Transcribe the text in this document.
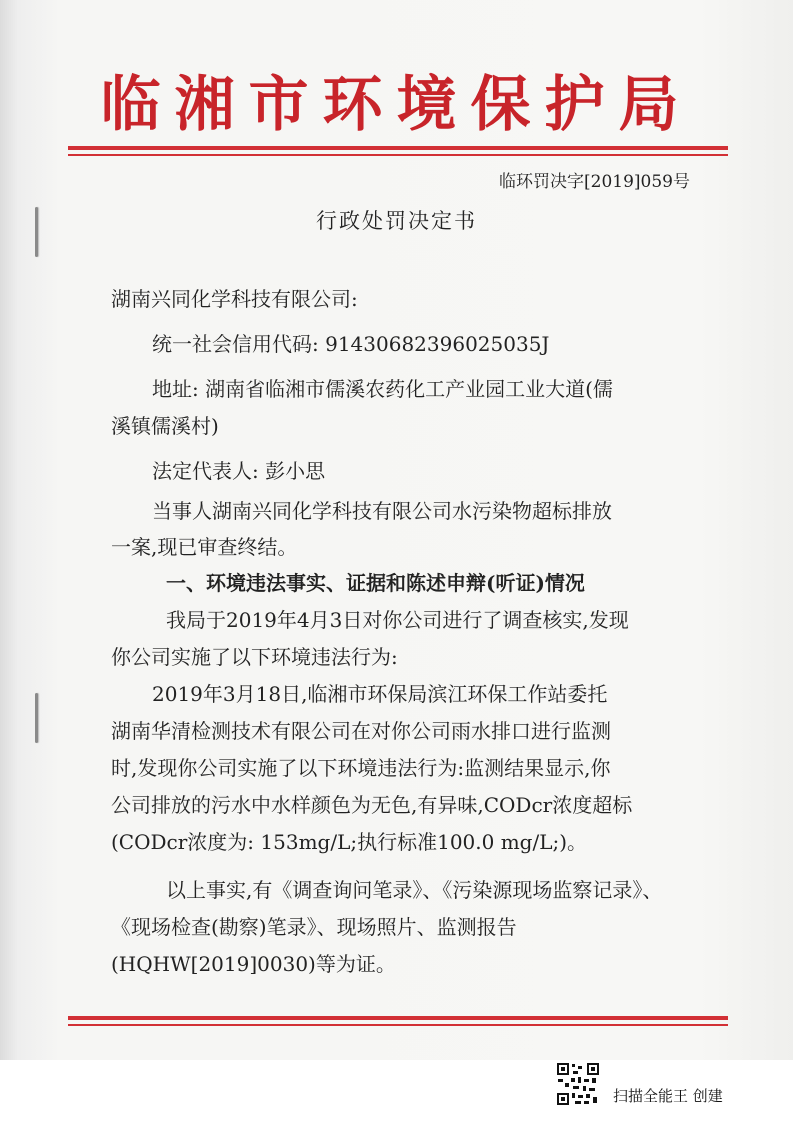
临湘市环境保护局
临环罚决字[2019]059号
行政处罚决定书
湖南兴同化学科技有限公司:
统一社会信用代码: 91430682396025035J
地址: 湖南省临湘市儒溪农药化工产业园工业大道(儒
溪镇儒溪村)
法定代表人: 彭小思
当事人湖南兴同化学科技有限公司水污染物超标排放
一案,现已审查终结。
一、环境违法事实、证据和陈述申辩(听证)情况
我局于2019年4月3日对你公司进行了调查核实,发现
你公司实施了以下环境违法行为:
2019年3月18日,临湘市环保局滨江环保工作站委托
湖南华清检测技术有限公司在对你公司雨水排口进行监测
时,发现你公司实施了以下环境违法行为:监测结果显示,你
公司排放的污水中水样颜色为无色,有异味,CODcr浓度超标
(CODcr浓度为: 153mg/L;执行标准100.0 mg/L;)。
以上事实,有《调查询问笔录》、《污染源现场监察记录》、
《现场检查(勘察)笔录》、现场照片、监测报告
(HQHW[2019]0030)等为证。
扫描全能王 创建
